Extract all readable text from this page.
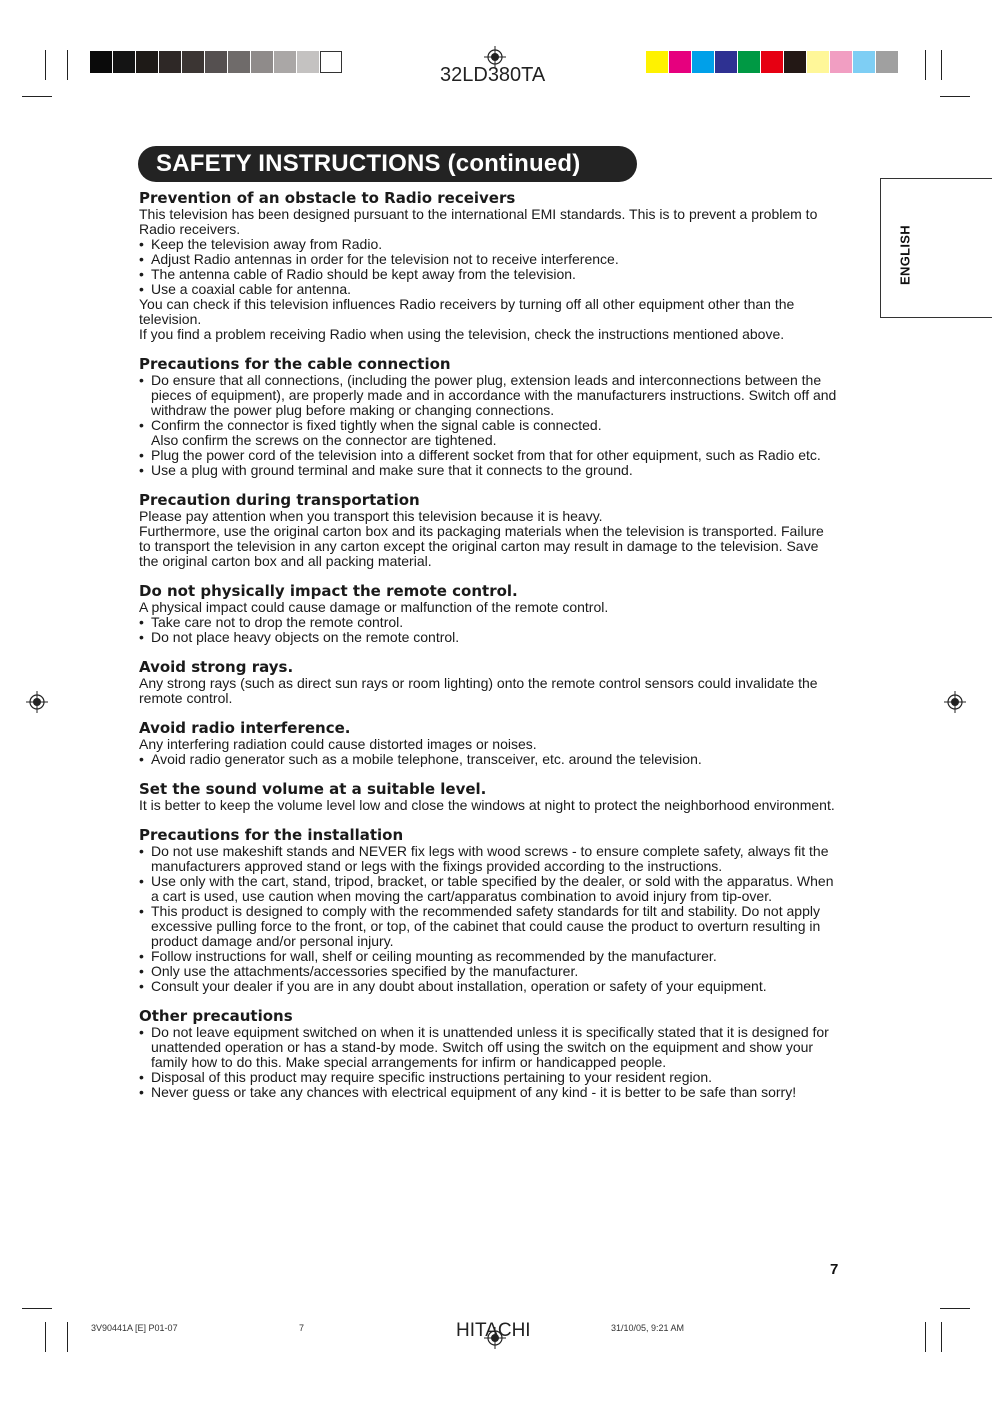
32LD380TA
SAFETY INSTRUCTIONS (continued)
ENGLISH
Prevention of an obstacle to Radio receivers

This television has been designed pursuant to the international EMI standards. This is to prevent a problem to Radio receivers.

• Keep the television away from Radio.
• Adjust Radio antennas in order for the television not to receive interference.
• The antenna cable of Radio should be kept away from the television.
• Use a coaxial cable for antenna.

You can check if this television influences Radio receivers by turning off all other equipment other than the television.

If you find a problem receiving Radio when using the television, check the instructions mentioned above.

Precautions for the cable connection
• Do ensure that all connections, (including the power plug, extension leads and interconnections between the pieces of equipment), are properly made and in accordance with the manufacturers instructions. Switch off and withdraw the power plug before making or changing connections.
• Confirm the connector is fixed tightly when the signal cable is connected.

Also confirm the screws on the connector are tightened.

• Plug the power cord of the television into a different socket from that for other equipment, such as Radio etc.
• Use a plug with ground terminal and make sure that it connects to the ground.
Precaution during transportation

Please pay attention when you transport this television because it is heavy.

Furthermore, use the original carton box and its packaging materials when the television is transported. Failure to transport the television in any carton except the original carton may result in damage to the television. Save the original carton box and all packing material.

Do not physically impact the remote control.

A physical impact could cause damage or malfunction of the remote control.

• Take care not to drop the remote control.
• Do not place heavy objects on the remote control.
Avoid strong rays.

Any strong rays (such as direct sun rays or room lighting) onto the remote control sensors could invalidate the remote control.

Avoid radio interference.

Any interfering radiation could cause distorted images or noises.

• Avoid radio generator such as a mobile telephone, transceiver, etc. around the television.
Set the sound volume at a suitable level.

It is better to keep the volume level low and close the windows at night to protect the neighborhood environment.

Precautions for the installation
• Do not use makeshift stands and NEVER fix legs with wood screws - to ensure complete safety, always fit the manufacturers approved stand or legs with the fixings provided according to the instructions.
• Use only with the cart, stand, tripod, bracket, or table specified by the dealer, or sold with the apparatus. When a cart is used, use caution when moving the cart/apparatus combination to avoid injury from tip-over.
• This product is designed to comply with the recommended safety standards for tilt and stability. Do not apply excessive pulling force to the front, or top, of the cabinet that could cause the product to overturn resulting in product damage and/or personal injury.
• Follow instructions for wall, shelf or ceiling mounting as recommended by the manufacturer.
• Only use the attachments/accessories specified by the manufacturer.
• Consult your dealer if you are in any doubt about installation, operation or safety of your equipment.
Other precautions
• Do not leave equipment switched on when it is unattended unless it is specifically stated that it is designed for unattended operation or has a stand-by mode. Switch off using the switch on the equipment and show your family how to do this. Make special arrangements for infirm or handicapped people.
• Disposal of this product may require specific instructions pertaining to your resident region.
• Never guess or take any chances with electrical equipment of any kind - it is better to be safe than sorry!
7
3V90441A [E] P01-07	7	HITACHI	31/10/05, 9:21 AM
